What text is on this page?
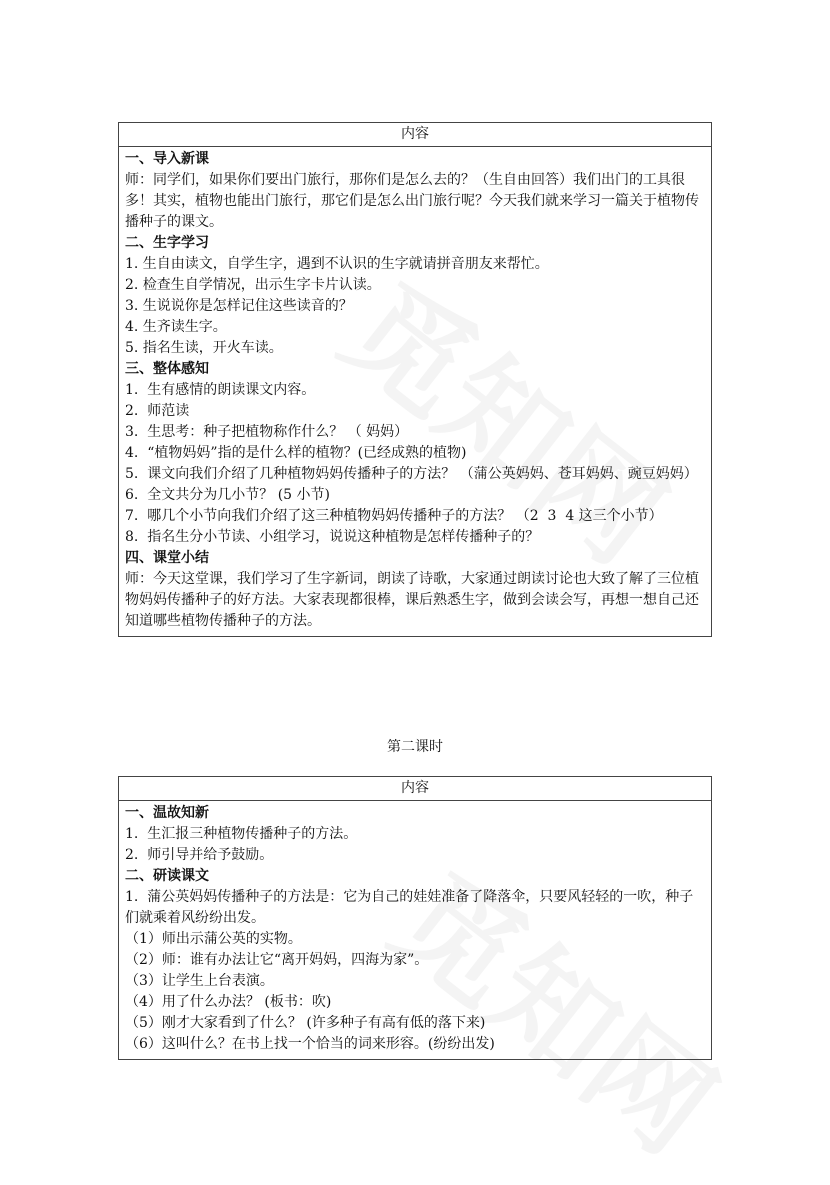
内容

一、导入新课

师：同学们，如果你们要出门旅行，那你们是怎么去的？（生自由回答）我们出门的工具很多！其实，植物也能出门旅行，那它们是怎么出门旅行呢？今天我们就来学习一篇关于植物传播种子的课文。

二、生字学习

1. 生自由读文，自学生字，遇到不认识的生字就请拼音朋友来帮忙。

2. 检查生自学情况，出示生字卡片认读。

3. 生说说你是怎样记住这些读音的？

4. 生齐读生字。

5. 指名生读，开火车读。

三、整体感知

1.  生有感情的朗读课文内容。

2.  师范读

3.  生思考：种子把植物称作什么？ （ 妈妈）

4.  “植物妈妈”指的是什么样的植物？(已经成熟的植物)

5.  课文向我们介绍了几种植物妈妈传播种子的方法？ （蒲公英妈妈、苍耳妈妈、豌豆妈妈）

6.  全文共分为几小节？ (5 小节)

7.  哪几个小节向我们介绍了这三种植物妈妈传播种子的方法？ （2  3  4 这三个小节）

8.  指名生分小节读、小组学习，说说这种植物是怎样传播种子的？

四、课堂小结

师：今天这堂课，我们学习了生字新词，朗读了诗歌，大家通过朗读讨论也大致了解了三位植物妈妈传播种子的好方法。大家表现都很棒，课后熟悉生字，做到会读会写，再想一想自己还知道哪些植物传播种子的方法。

第二课时
内容

一、温故知新

1.  生汇报三种植物传播种子的方法。

2.  师引导并给予鼓励。

二、研读课文

1.  蒲公英妈妈传播种子的方法是：它为自己的娃娃准备了降落伞，只要风轻轻的一吹，种子们就乘着风纷纷出发。

（1）师出示蒲公英的实物。

（2）师：谁有办法让它“离开妈妈，四海为家”。

（3）让学生上台表演。

（4）用了什么办法？ (板书：吹)

（5）刚才大家看到了什么？ (许多种子有高有低的落下来)

（6）这叫什么？在书上找一个恰当的词来形容。(纷纷出发)
